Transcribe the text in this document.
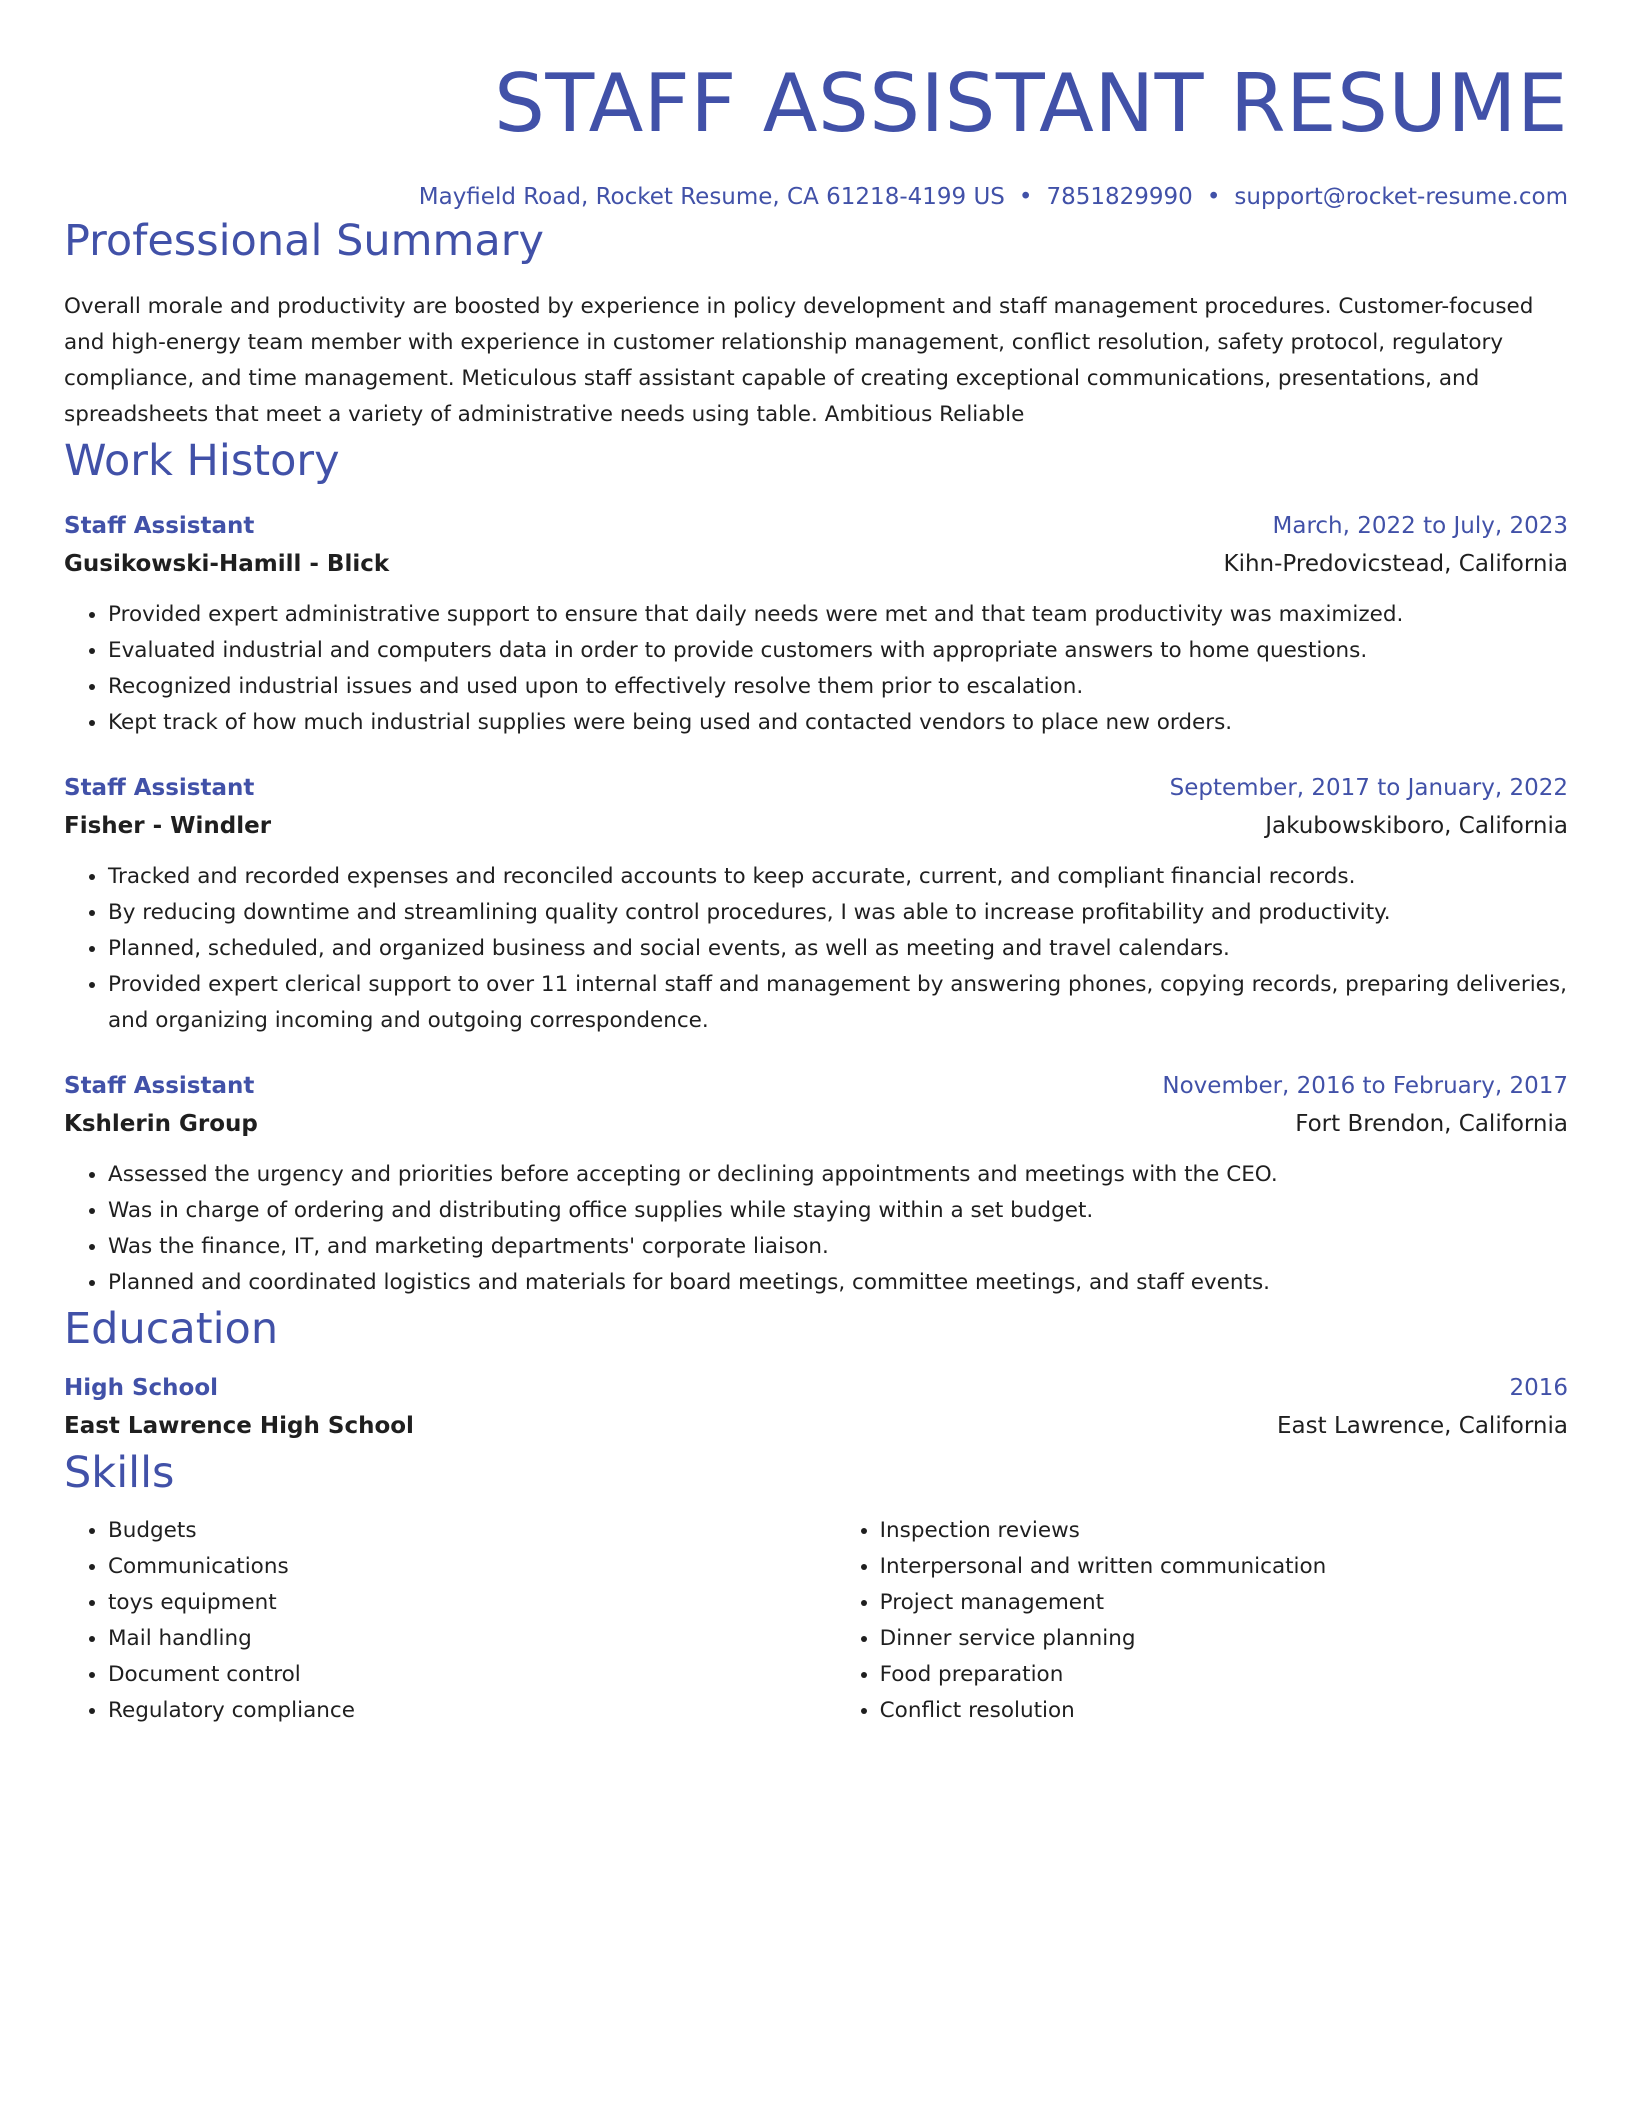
STAFF ASSISTANT RESUME
Mayfield Road, Rocket Resume, CA 61218-4199 US • 7851829990 • support@rocket-resume.com
Professional Summary
Overall morale and productivity are boosted by experience in policy development and staff management procedures. Customer-focused and high-energy team member with experience in customer relationship management, conflict resolution, safety protocol, regulatory compliance, and time management. Meticulous staff assistant capable of creating exceptional communications, presentations, and spreadsheets that meet a variety of administrative needs using table. Ambitious Reliable
Work History
Staff Assistant	March, 2022 to July, 2023
Gusikowski-Hamill - Blick	Kihn-Predovicstead, California
• Provided expert administrative support to ensure that daily needs were met and that team productivity was maximized.
• Evaluated industrial and computers data in order to provide customers with appropriate answers to home questions.
• Recognized industrial issues and used upon to effectively resolve them prior to escalation.
• Kept track of how much industrial supplies were being used and contacted vendors to place new orders.
Staff Assistant	September, 2017 to January, 2022
Fisher - Windler	Jakubowskiboro, California
• Tracked and recorded expenses and reconciled accounts to keep accurate, current, and compliant financial records.
• By reducing downtime and streamlining quality control procedures, I was able to increase profitability and productivity.
• Planned, scheduled, and organized business and social events, as well as meeting and travel calendars.
• Provided expert clerical support to over 11 internal staff and management by answering phones, copying records, preparing deliveries, and organizing incoming and outgoing correspondence.
Staff Assistant	November, 2016 to February, 2017
Kshlerin Group	Fort Brendon, California
• Assessed the urgency and priorities before accepting or declining appointments and meetings with the CEO.
• Was in charge of ordering and distributing office supplies while staying within a set budget.
• Was the finance, IT, and marketing departments' corporate liaison.
• Planned and coordinated logistics and materials for board meetings, committee meetings, and staff events.
Education
High School	2016
East Lawrence High School	East Lawrence, California
Skills
• Budgets
• Communications
• toys equipment
• Mail handling
• Document control
• Regulatory compliance
• Inspection reviews
• Interpersonal and written communication
• Project management
• Dinner service planning
• Food preparation
• Conflict resolution
